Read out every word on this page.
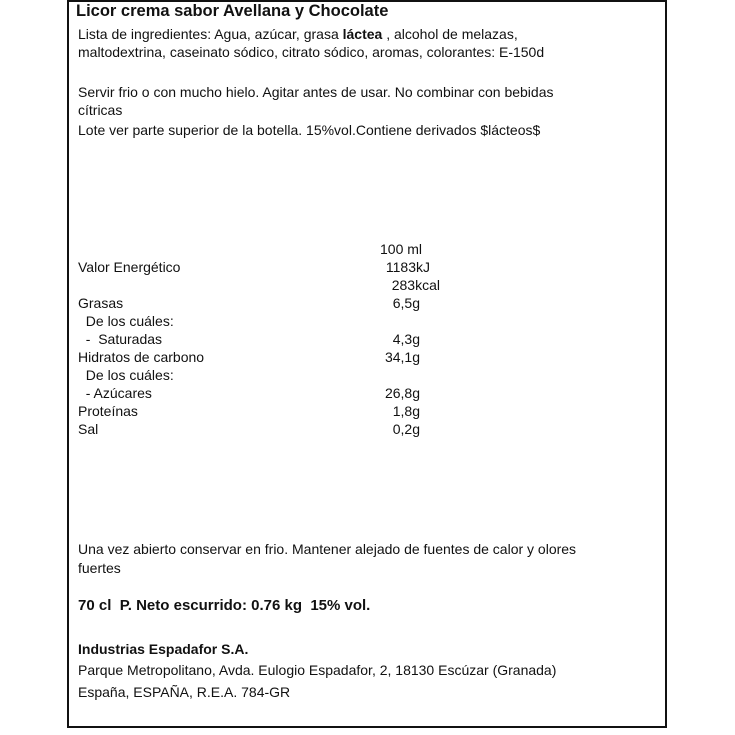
Licor crema sabor Avellana y Chocolate
Lista de ingredientes: Agua, azúcar, grasa láctea , alcohol de melazas,
maltodextrina, caseinato sódico, citrato sódico, aromas, colorantes: E-150d
Servir frio o con mucho hielo. Agitar antes de usar. No combinar con bebidas
cítricas
Lote ver parte superior de la botella. 15%vol.Contiene derivados $lácteos$
100 ml
Valor Energético	1183kJ
283kcal
Grasas	6,5g
De los cuáles:
-  Saturadas	4,3g
Hidratos de carbono	34,1g
De los cuáles:
- Azúcares	26,8g
Proteínas	1,8g
Sal	0,2g
Una vez abierto conservar en frio. Mantener alejado de fuentes de calor y olores
fuertes
70 cl  P. Neto escurrido: 0.76 kg  15% vol.
Industrias Espadafor S.A.
Parque Metropolitano, Avda. Eulogio Espadafor, 2, 18130 Escúzar (Granada)
España, ESPAÑA, R.E.A. 784-GR
